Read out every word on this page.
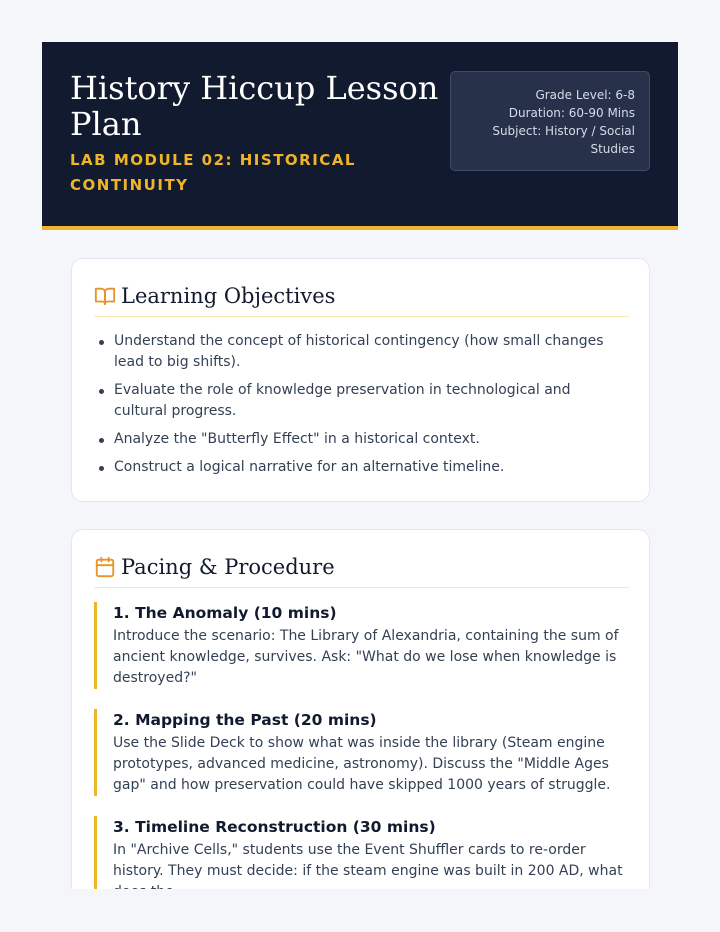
History Hiccup Lesson Plan
LAB MODULE 02: HISTORICAL CONTINUITY
Grade Level: 6-8
Duration: 60-90 Mins
Subject: History / Social Studies
Learning Objectives
Understand the concept of historical contingency (how small changes lead to big shifts).
Evaluate the role of knowledge preservation in technological and cultural progress.
Analyze the "Butterfly Effect" in a historical context.
Construct a logical narrative for an alternative timeline.
Pacing & Procedure
1. The Anomaly (10 mins)
Introduce the scenario: The Library of Alexandria, containing the sum of ancient knowledge, survives. Ask: "What do we lose when knowledge is destroyed?"
2. Mapping the Past (20 mins)
Use the Slide Deck to show what was inside the library (Steam engine prototypes, advanced medicine, astronomy). Discuss the "Middle Ages gap" and how preservation could have skipped 1000 years of struggle.
3. Timeline Reconstruction (30 mins)
In "Archive Cells," students use the Event Shuffler cards to re-order history. They must decide: if the steam engine was built in 200 AD, what
